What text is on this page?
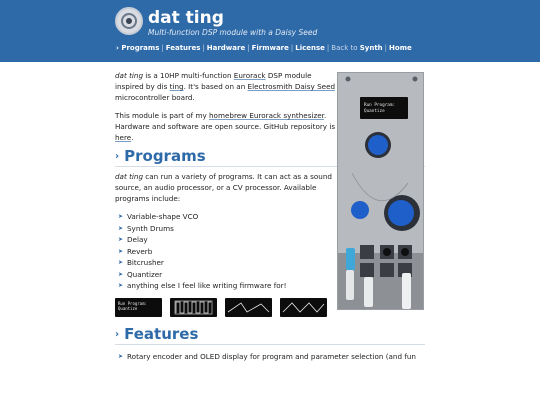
dat ting
Multi-function DSP module with a Daisy Seed
› Programs | Features | Hardware | Firmware | License | Back to Synth | Home

dat ting is a 10HP multi-function Eurorack DSP module inspired by dis ting. It's based on an Electrosmith Daisy Seed microcontroller board.

This module is part of my homebrew Eurorack synthesizer. Hardware and software are open source. GitHub repository is here.

› Programs

dat ting can run a variety of programs. It can act as a sound source, an audio processor, or a CV processor. Available programs include:

➤ Variable-shape VCO
➤ Synth Drums
➤ Delay
➤ Reverb
➤ Bitcrusher
➤ Quantizer
➤ anything else I feel like writing firmware for!
Run Program:
Quantize
› Features
➤ Rotary encoder and OLED display for program and parameter selection (and fun
Run Program:
Quantize
